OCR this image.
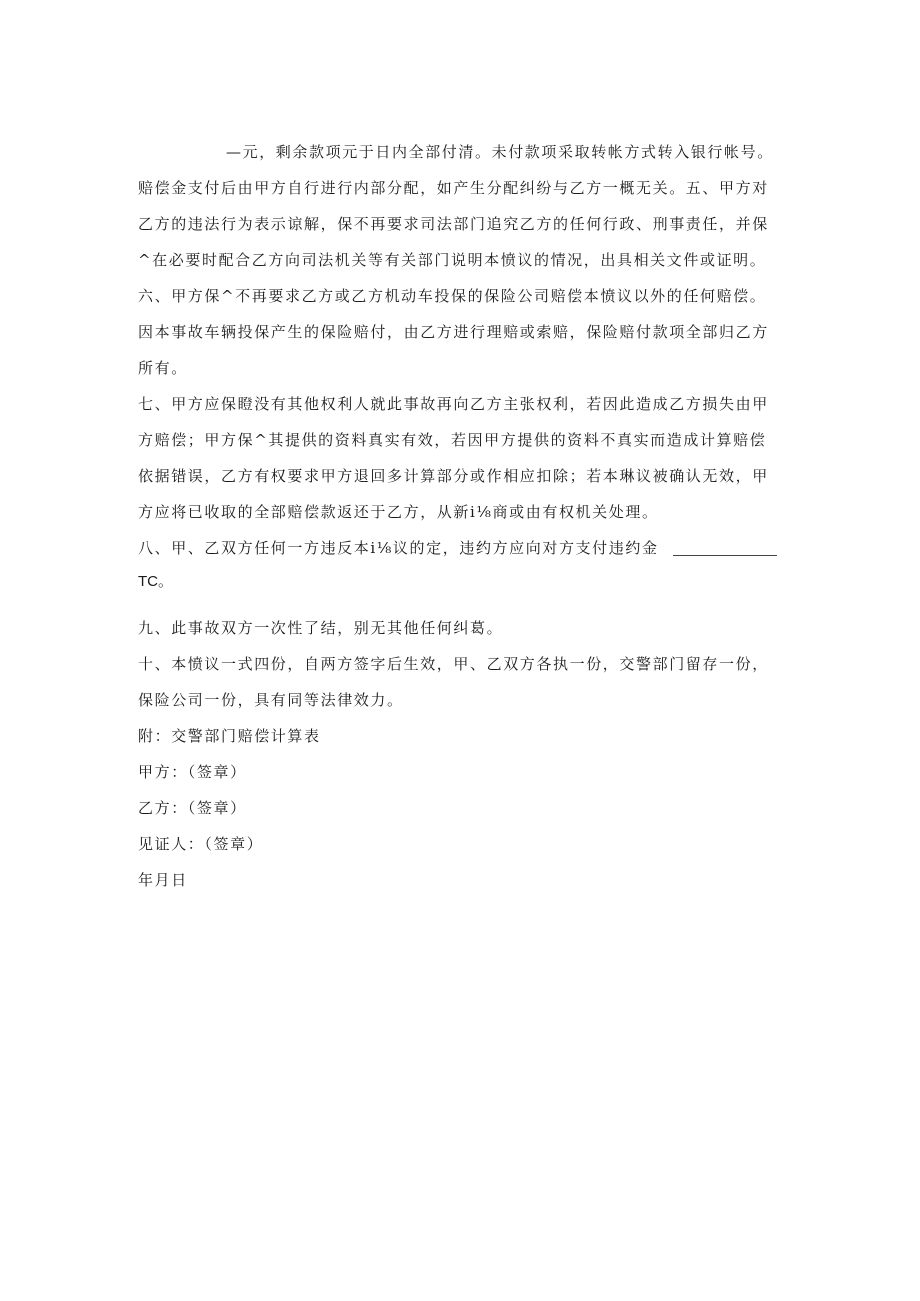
—元，剩余款项元于日内全部付清。未付款项采取转帐方式转入银行帐号。
赔偿金支付后由甲方自行进行内部分配，如产生分配纠纷与乙方一概无关。五、甲方对
乙方的违法行为表示谅解，保不再要求司法部门追究乙方的任何行政、刑事责任，并保
^在必要时配合乙方向司法机关等有关部门说明本愤议的情况，出具相关文件或证明。
六、甲方保^不再要求乙方或乙方机动车投保的保险公司赔偿本愤议以外的任何赔偿。
因本事故车辆投保产生的保险赔付，由乙方进行理赔或索赔，保险赔付款项全部归乙方
所有。
七、甲方应保瞪没有其他权利人就此事故再向乙方主张权利，若因此造成乙方损失由甲
方赔偿；甲方保^其提供的资料真实有效，若因甲方提供的资料不真实而造成计算赔偿
依据错误，乙方有权要求甲方退回多计算部分或作相应扣除；若本琳议被确认无效，甲
方应将已收取的全部赔偿款返还于乙方，从新i⅛商或由有权机关处理。
八、甲、乙双方任何一方违反本i⅛议的定，违约方应向对方支付违约金
TC。
九、此事故双方一次性了结，别无其他任何纠葛。
十、本愤议一式四份，自两方签字后生效，甲、乙双方各执一份，交警部门留存一份，
保险公司一份，具有同等法律效力。
附：交警部门赔偿计算表
甲方：（签章）
乙方：（签章）
见证人：（签章）
年月日
